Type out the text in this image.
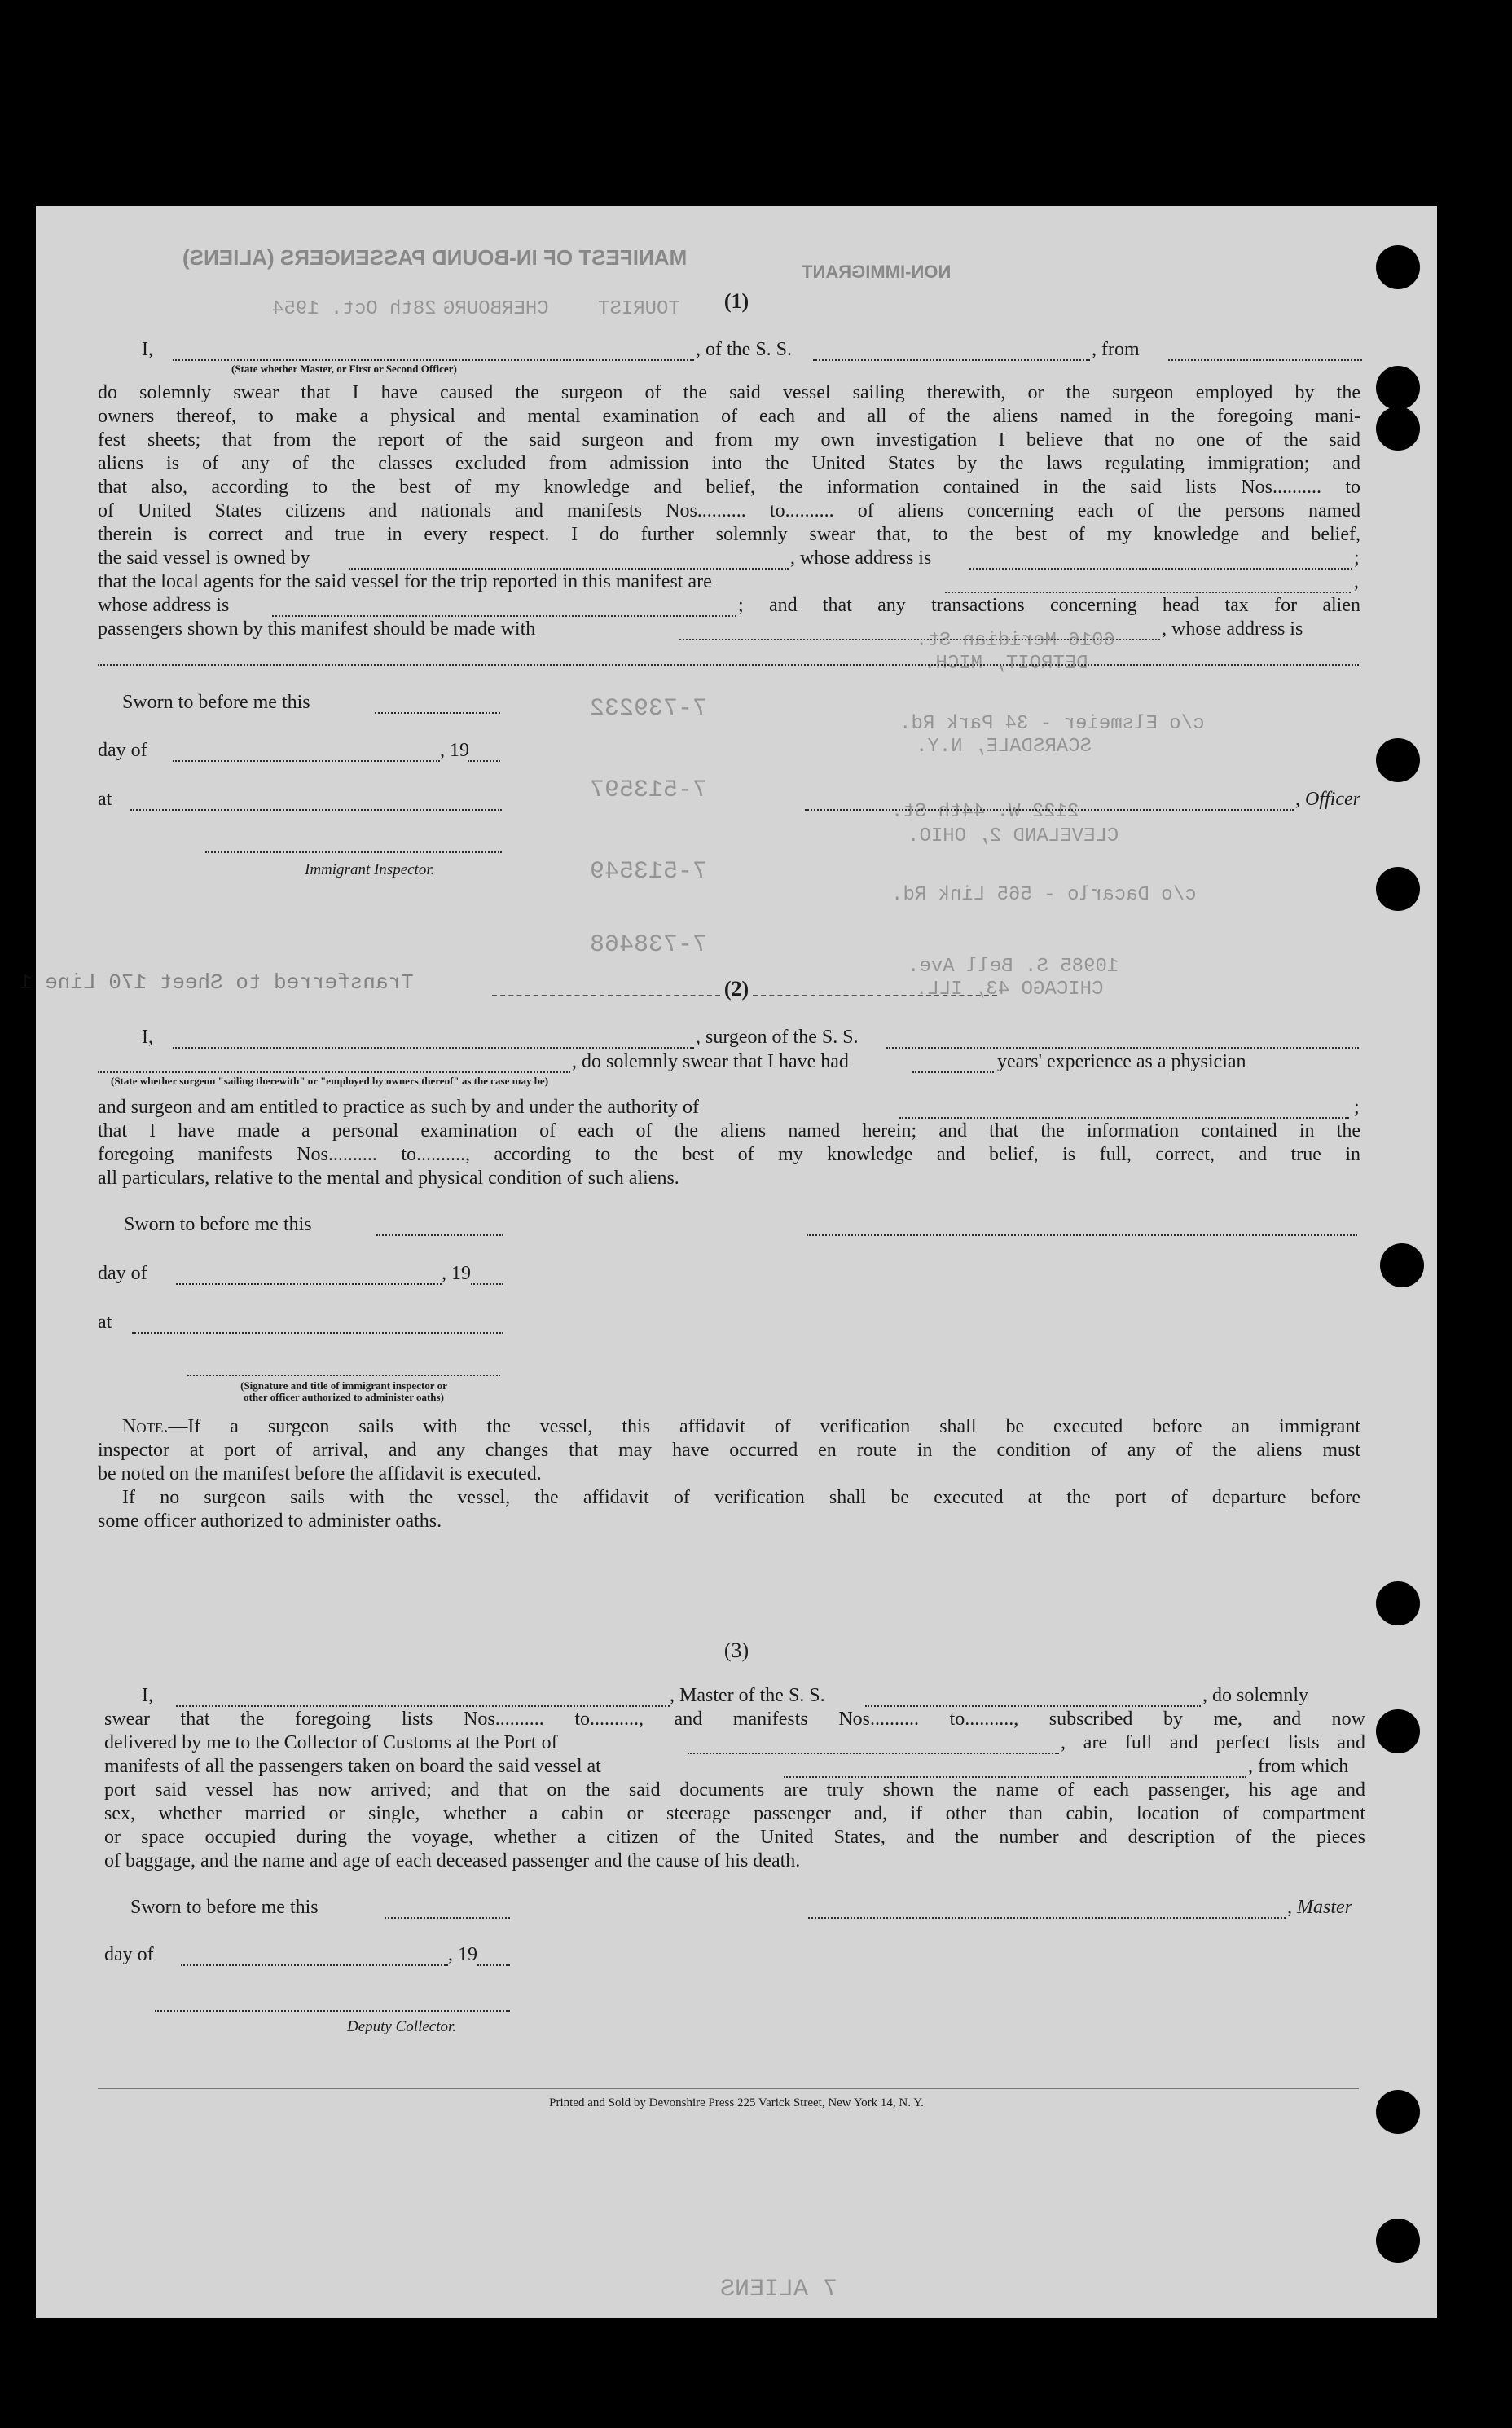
MANIFEST OF IN-BOUND PASSENGERS (ALIENS)
NON-IMMIGRANT
CHERBOURG
28th Oct. 1954	TOURIST
6016 Meridian St.
DETROIT, MICH.
7-739232
c/o Elsmeier - 34 Park Rd.
SCARSDALE, N.Y.
7-513597
2122 W. 44th St.
CLEVELAND 2, OHIO.
7-513549
c/o Dacarlo - 565 Link Rd.
7-738468
10985 S. Bell Ave.
CHICAGO 43, ILL.
Transferred to Sheet 170 Line 1
(1)
I,	, of the S. S.	, from
(State whether Master, or First or Second Officer)
do solemnly swear that I have caused the surgeon of the said vessel sailing therewith, or the surgeon employed by the
owners thereof, to make a physical and mental examination of each and all of the aliens named in the foregoing mani-
fest sheets; that from the report of the said surgeon and from my own investigation I believe that no one of the said
aliens is of any of the classes excluded from admission into the United States by the laws regulating immigration; and
that also, according to the best of my knowledge and belief, the information contained in the said lists Nos.......... to
of United States citizens and nationals and manifests Nos.......... to.......... of aliens concerning each of the persons named
therein is correct and true in every respect. I do further solemnly swear that, to the best of my knowledge and belief,
the said vessel is owned by	, whose address is	;
that the local agents for the said vessel for the trip reported in this manifest are	,
whose address is	; and that any transactions concerning head tax for alien
passengers shown by this manifest should be made with	, whose address is
Sworn to before me this
day of	, 19
at	, Officer
Immigrant Inspector.
(2)
I,	, surgeon of the S. S.
, do solemnly swear that I have had	years' experience as a physician
(State whether surgeon "sailing therewith" or "employed by owners thereof" as the case may be)
and surgeon and am entitled to practice as such by and under the authority of	;
that I have made a personal examination of each of the aliens named herein; and that the information contained in the
foregoing manifests Nos.......... to.........., according to the best of my knowledge and belief, is full, correct, and true in
all particulars, relative to the mental and physical condition of such aliens.
Sworn to before me this
day of	, 19
at
(Signature and title of immigrant inspector or
other officer authorized to administer oaths)
Note.—If a surgeon sails with the vessel, this affidavit of verification shall be executed before an immigrant
inspector at port of arrival, and any changes that may have occurred en route in the condition of any of the aliens must
be noted on the manifest before the affidavit is executed.
If no surgeon sails with the vessel, the affidavit of verification shall be executed at the port of departure before
some officer authorized to administer oaths.
(3)
I,	, Master of the S. S.	, do solemnly
swear that the foregoing lists Nos.......... to.........., and manifests Nos.......... to.........., subscribed by me, and now
delivered by me to the Collector of Customs at the Port of	, are full and perfect lists and
manifests of all the passengers taken on board the said vessel at	, from which
port said vessel has now arrived; and that on the said documents are truly shown the name of each passenger, his age and
sex, whether married or single, whether a cabin or steerage passenger and, if other than cabin, location of compartment
or space occupied during the voyage, whether a citizen of the United States, and the number and description of the pieces
of baggage, and the name and age of each deceased passenger and the cause of his death.
Sworn to before me this	, Master
day of	, 19
Deputy Collector.
Printed and Sold by Devonshire Press 225 Varick Street, New York 14, N. Y.
7 ALIENS
